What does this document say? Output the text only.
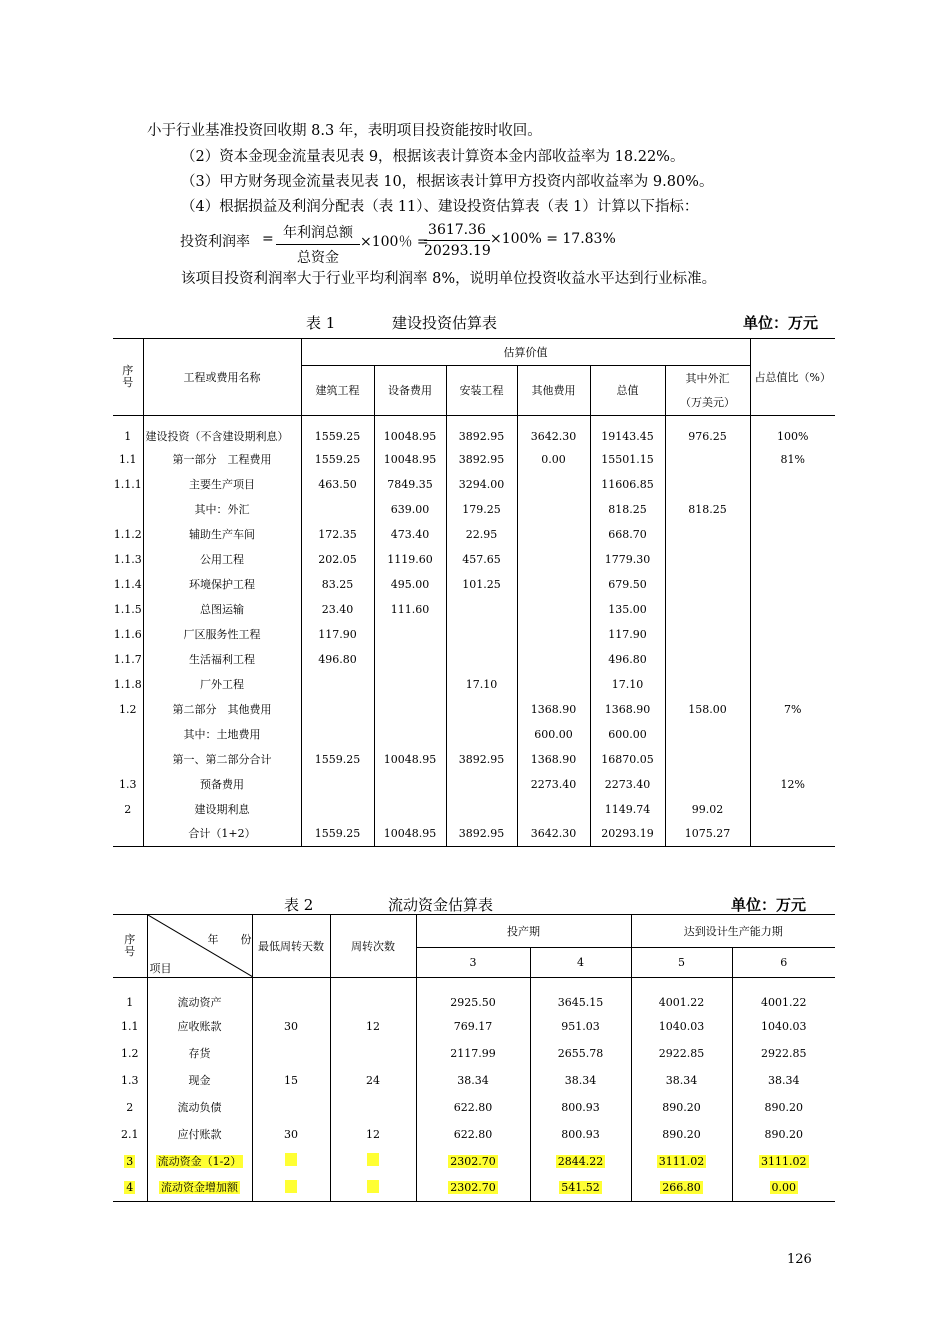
小于行业基准投资回收期 8.3 年，表明项目投资能按时收回。
（2）资本金现金流量表见表 9，根据该表计算资本金内部收益率为 18.22%。
（3）甲方财务现金流量表见表 10，根据该表计算甲方投资内部收益率为 9.80%。
（4）根据损益及利润分配表（表 11）、建设投资估算表（表 1）计算以下指标：
投资利润率 = 年利润总额
总资金
×100％ =
$\frac{3617.36}{20293.19} \times 100\% = 17.83\%$
该项目投资利润率大于行业平均利润率 8%，说明单位投资收益水平达到行业标准。
表 1	建设投资估算表	单位：万元
序号	工程或费用名称	估算价值						占总值比（%）
		建筑工程	设备费用	安装工程	其他费用	总值	其中外汇
（万美元）	
1	建设投资（不含建设期利息）	1559.25	10048.95	3892.95	3642.30	19143.45	976.25	100%
1.1	第一部分　工程费用	1559.25	10048.95	3892.95	0.00	15501.15		81%
1.1.1	主要生产项目	463.50	7849.35	3294.00		11606.85		
	其中：外汇		639.00	179.25		818.25	818.25	
1.1.2	辅助生产车间	172.35	473.40	22.95		668.70		
1.1.3	公用工程	202.05	1119.60	457.65		1779.30		
1.1.4	环境保护工程	83.25	495.00	101.25		679.50		
1.1.5	总图运输	23.40	111.60			135.00		
1.1.6	厂区服务性工程	117.90				117.90		
1.1.7	生活福利工程	496.80				496.80		
1.1.8	厂外工程			17.10		17.10		
1.2	第二部分　其他费用				1368.90	1368.90	158.00	7%
	其中：土地费用				600.00	600.00		
	第一、第二部分合计	1559.25	10048.95	3892.95	1368.90	16870.05		
1.3	预备费用				2273.40	2273.40		12%
2	建设期利息					1149.74	99.02	
	合计（1+2）	1559.25	10048.95	3892.95	3642.30	20293.19	1075.27	
表 2	流动资金估算表	单位：万元
序号	年　　份
项目	最低周转天数	周转次数	投产期		达到设计生产能力期	
				3	4	5	6
1	流动资产			2925.50	3645.15	4001.22	4001.22
1.1	应收账款	30	12	769.17	951.03	1040.03	1040.03
1.2	存货			2117.99	2655.78	2922.85	2922.85
1.3	现金	15	24	38.34	38.34	38.34	38.34
2	流动负债			622.80	800.93	890.20	890.20
2.1	应付账款	30	12	622.80	800.93	890.20	890.20
3	流动资金（1-2）			2302.70	2844.22	3111.02	3111.02
4	流动资金增加额			2302.70	541.52	266.80	0.00
126
